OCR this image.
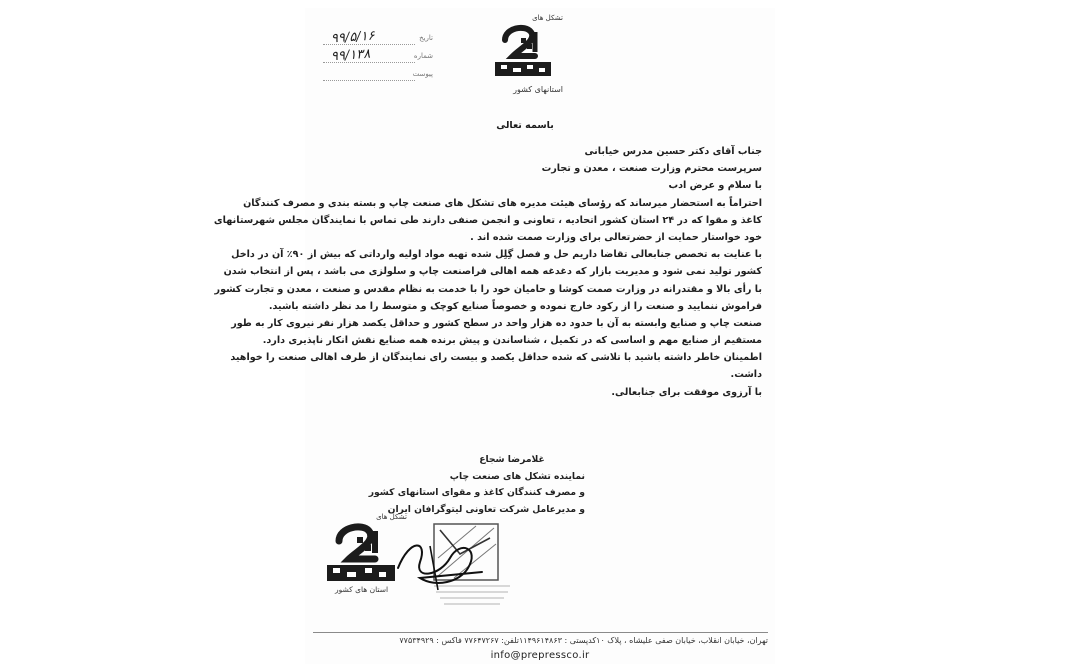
۹۹/۵/۱۶	تاریخ
۹۹/۱۳۸	شماره
پیوست
تشکل های
استانهای کشور
باسمه تعالی
جناب آقای دکتر حسین مدرس خیابانی
سرپرست محترم وزارت صنعت ، معدن و تجارت
با سلام و عرض ادب
احتراماً به استحضار میرساند که رؤسای هیئت مدیره های تشکل های صنعت چاپ و بسته بندی و مصرف کنندگان
کاغذ و مقوا که در ۲۴ استان کشور اتحادیه ، تعاونی و انجمن صنفی دارند طی تماس با نمایندگان مجلس شهرستانهای
خود خواستار حمایت از حضرتعالی برای وزارت صمت شده اند .
با عنایت به تخصص جنابعالی تقاضا داریم حل و فصل گِلِل شده تهیه مواد اولیه وارداتی که بیش از ۹۰٪ آن در داخل
کشور تولید نمی شود و مدیریت بازار که دغدغه همه اهالی فراصنعت چاپ و سلولزی می باشد ، پس از انتخاب شدن
با رأی بالا و مقتدرانه در وزارت صمت کوشا و حامیان خود را با خدمت به نظام مقدس و صنعت ، معدن و تجارت کشور
فراموش ننمایید و صنعت را از رکود خارج نموده و خصوصاً صنایع کوچک و متوسط را مد نظر داشته باشید.
صنعت چاپ و صنایع وابسته به آن با حدود ده هزار واحد در سطح کشور و حداقل یکصد هزار نفر نیروی کار به طور
مستقیم از صنایع مهم و اساسی که در تکمیل ، شناساندن و پیش برنده همه صنایع نقش انکار ناپذیری دارد.
اطمینان خاطر داشته باشید با تلاشی که شده حداقل یکصد و بیست رای نمایندگان از طرف اهالی صنعت را خواهید
داشت.
با آرزوی موفقت برای جنابعالی.
غلامرضا شجاع
نماینده تشکل های صنعت چاپ
و مصرف کنندگان کاغذ و مقوای استانهای کشور
و مدیرعامل شرکت تعاونی لیتوگرافان ایران
تشکل های
استان های کشور
تهران، خیابان انقلاب، خیابان صفی علیشاه ، پلاک ۱۰کدپستی : ۱۱۴۹۶۱۴۸۶۳تلفن: ۷۷۶۴۷۲۶۷ فاکس : ۷۷۵۳۴۹۲۹
info@prepressco.ir
